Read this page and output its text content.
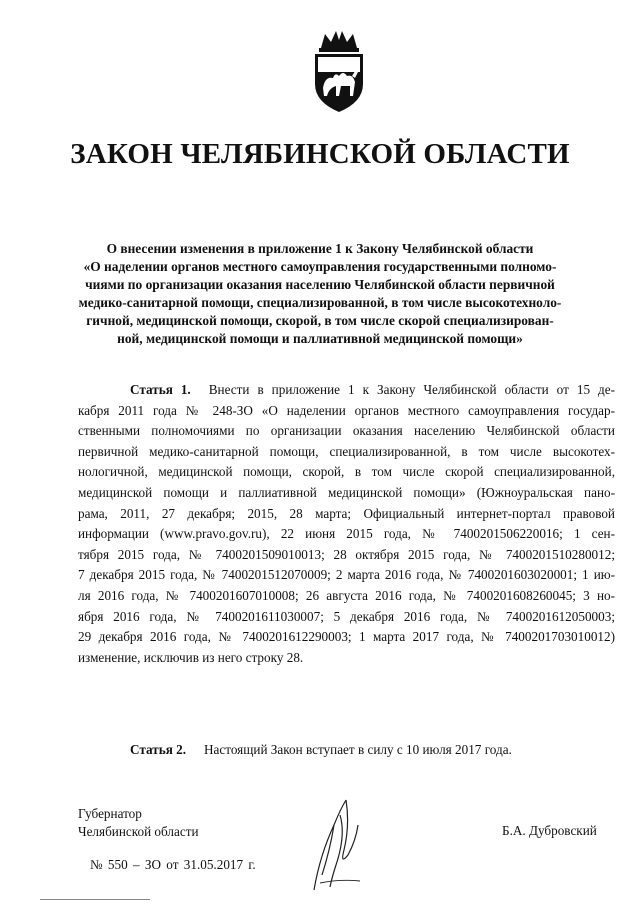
ЗАКОН ЧЕЛЯБИНСКОЙ ОБЛАСТИ
О внесении изменения в приложение 1 к Закону Челябинской области
«О наделении органов местного самоуправления государственными полномо-
чиями по организации оказания населению Челябинской области первичной
медико-санитарной помощи, специализированной, в том числе высокотехноло-
гичной, медицинской помощи, скорой, в том числе скорой специализирован-
ной, медицинской помощи и паллиативной медицинской помощи»
Статья 1. Внести в приложение 1 к Закону Челябинской области от 15 де-
кабря 2011 года № 248-ЗО «О наделении органов местного самоуправления государ-
ственными полномочиями по организации оказания населению Челябинской области
первичной медико-санитарной помощи, специализированной, в том числе высокотех-
нологичной, медицинской помощи, скорой, в том числе скорой специализированной,
медицинской помощи и паллиативной медицинской помощи» (Южноуральская пано-
рама, 2011, 27 декабря; 2015, 28 марта; Официальный интернет-портал правовой
информации (www.pravo.gov.ru), 22 июня 2015 года, № 7400201506220016; 1 сен-
тября 2015 года, № 7400201509010013; 28 октября 2015 года, № 7400201510280012;
7 декабря 2015 года, № 7400201512070009; 2 марта 2016 года, № 7400201603020001; 1 ию-
ля 2016 года, № 7400201607010008; 26 августа 2016 года, № 7400201608260045; 3 но-
ября 2016 года, № 7400201611030007; 5 декабря 2016 года, № 7400201612050003;
29 декабря 2016 года, № 7400201612290003; 1 марта 2017 года, № 7400201703010012)
изменение, исключив из него строку 28.
Статья 2. Настоящий Закон вступает в силу с 10 июля 2017 года.
Губернатор
Челябинской области	Б.А. Дубровский
№ 550 – ЗО от 31.05.2017 г.
